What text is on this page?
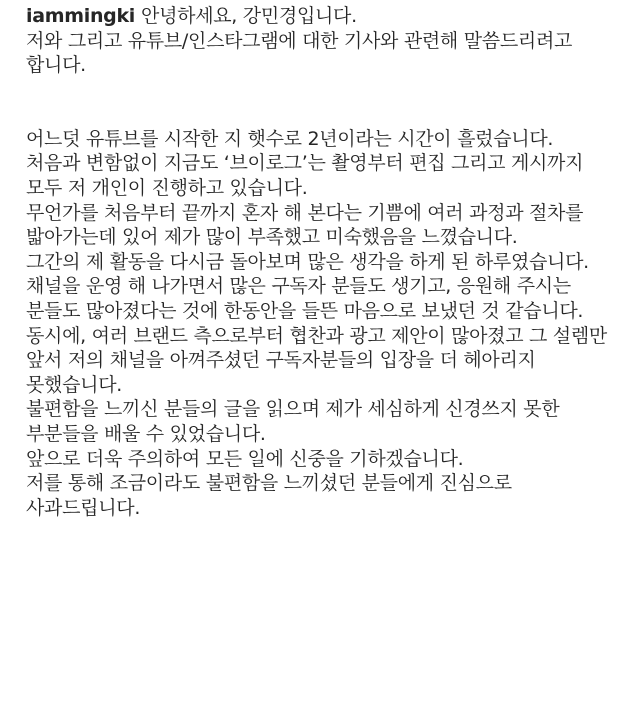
iammingki 안녕하세요, 강민경입니다.

저와 그리고 유튜브/인스타그램에 대한 기사와 관련해 말씀드리려고 합니다.

어느덧 유튜브를 시작한 지 햇수로 2년이라는 시간이 흘렀습니다.

처음과 변함없이 지금도 ‘브이로그’는 촬영부터 편집 그리고 게시까지 모두 저 개인이 진행하고 있습니다.

무언가를 처음부터 끝까지 혼자 해 본다는 기쁨에 여러 과정과 절차를 밟아가는데 있어 제가 많이 부족했고 미숙했음을 느꼈습니다.

그간의 제 활동을 다시금 돌아보며 많은 생각을 하게 된 하루였습니다.

채널을 운영 해 나가면서 많은 구독자 분들도 생기고, 응원해 주시는 분들도 많아졌다는 것에 한동안을 들뜬 마음으로 보냈던 것 같습니다.

동시에, 여러 브랜드 측으로부터 협찬과 광고 제안이 많아졌고 그 설렘만 앞서 저의 채널을 아껴주셨던 구독자분들의 입장을 더 헤아리지 못했습니다.

불편함을 느끼신 분들의 글을 읽으며 제가 세심하게 신경쓰지 못한 부분들을 배울 수 있었습니다.

앞으로 더욱 주의하여 모든 일에 신중을 기하겠습니다.

저를 통해 조금이라도 불편함을 느끼셨던 분들에게 진심으로 사과드립니다.
